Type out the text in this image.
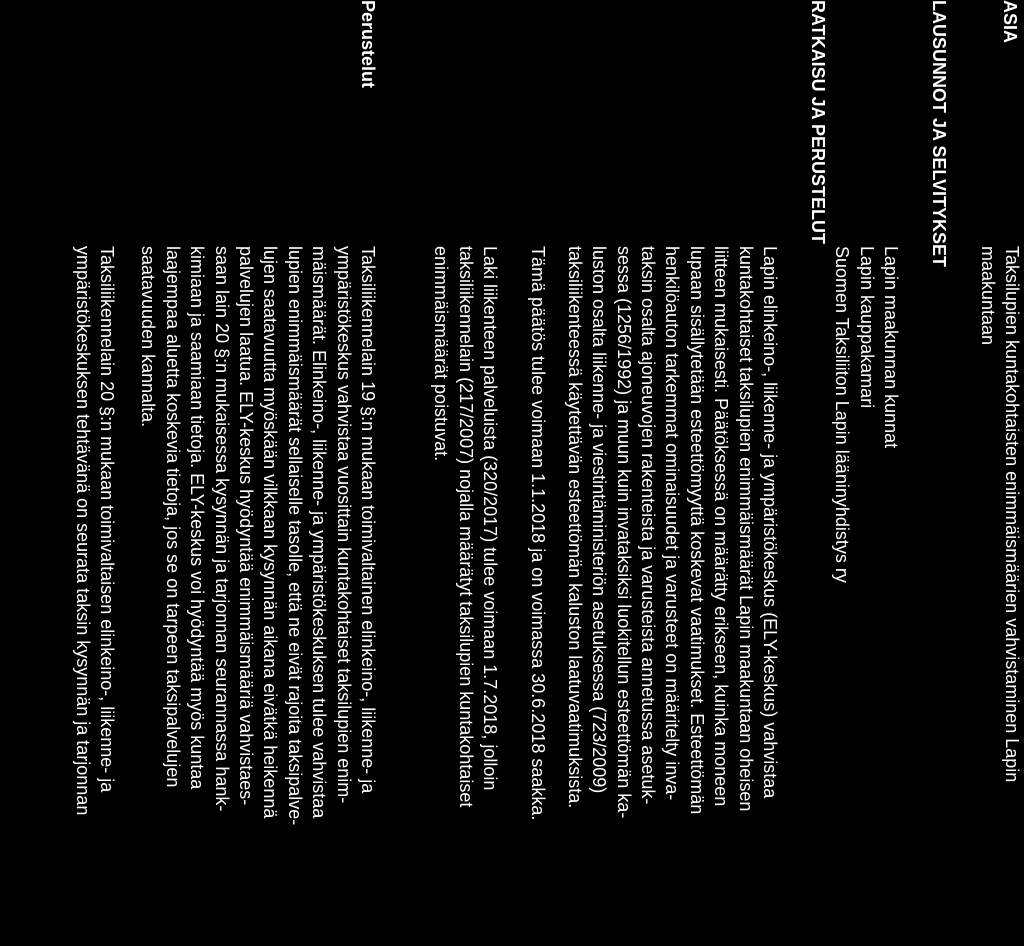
ASIA
Taksilupien kuntakohtaisten enimmäismäärien vahvistaminen Lapin
maakuntaan
LAUSUNNOT JA SELVITYKSET
Lapin maakunnan kunnat
Lapin kauppakamari
Suomen Taksiliiton Lapin lääninyhdistys ry
RATKAISU JA PERUSTELUT

Lapin elinkeino-, liikenne- ja ympäristökeskus (ELY-keskus) vahvistaa

kuntakohtaiset taksilupien enimmäismäärät Lapin maakuntaan oheisen

liitteen mukaisesti. Päätöksessä on määrätty erikseen, kuinka moneen

lupaan sisällytetään esteettömyyttä koskevat vaatimukset. Esteettömän

henkilöauton tarkemmat ominaisuudet ja varusteet on määritelty inva-

taksin osalta ajoneuvojen rakenteista ja varusteista annetussa asetuk-

sessa (1256/1992) ja muun kuin invataksiksi luokitellun esteettömän ka-

luston osalta liikenne- ja viestintäministeriön asetuksessa (723/2009)

taksiliikenteessä käytettävän esteettömän kaluston laatuvaatimuksista.

Tämä päätös tulee voimaan 1.1.2018 ja on voimassa 30.6.2018 saakka.

Laki liikenteen palveluista (320/2017) tulee voimaan 1.7.2018, jolloin

taksiliikennelain (217/2007) nojalla määrätyt taksilupien kuntakohtaiset

enimmäismäärät poistuvat.

Perustelut

Taksiliikennelain 19 §:n mukaan toimivaltainen elinkeino-, liikenne- ja

ympäristökeskus vahvistaa vuosittain kuntakohtaiset taksilupien enim-

mäismäärät. Elinkeino-, liikenne- ja ympäristökeskuksen tulee vahvistaa

lupien enimmäismäärät sellaiselle tasolle, että ne eivät rajoita taksipalve-

lujen saatavuutta myöskään vilkkaan kysynnän aikana eivätkä heikennä

palvelujen laatua. ELY-keskus hyödyntää enimmäismääriä vahvistaes-

saan lain 20 §:n mukaisessa kysynnän ja tarjonnan seurannassa hank-

kimiaan ja saamiaan tietoja. ELY-keskus voi hyödyntää myös kuntaa

laajempaa aluetta koskevia tietoja, jos se on tarpeen taksipalvelujen

saatavuuden kannalta.

Taksiliikennelain 20 §:n mukaan toimivaltaisen elinkeino-, liikenne- ja

ympäristökeskuksen tehtävänä on seurata taksin kysynnän ja tarjonnan
